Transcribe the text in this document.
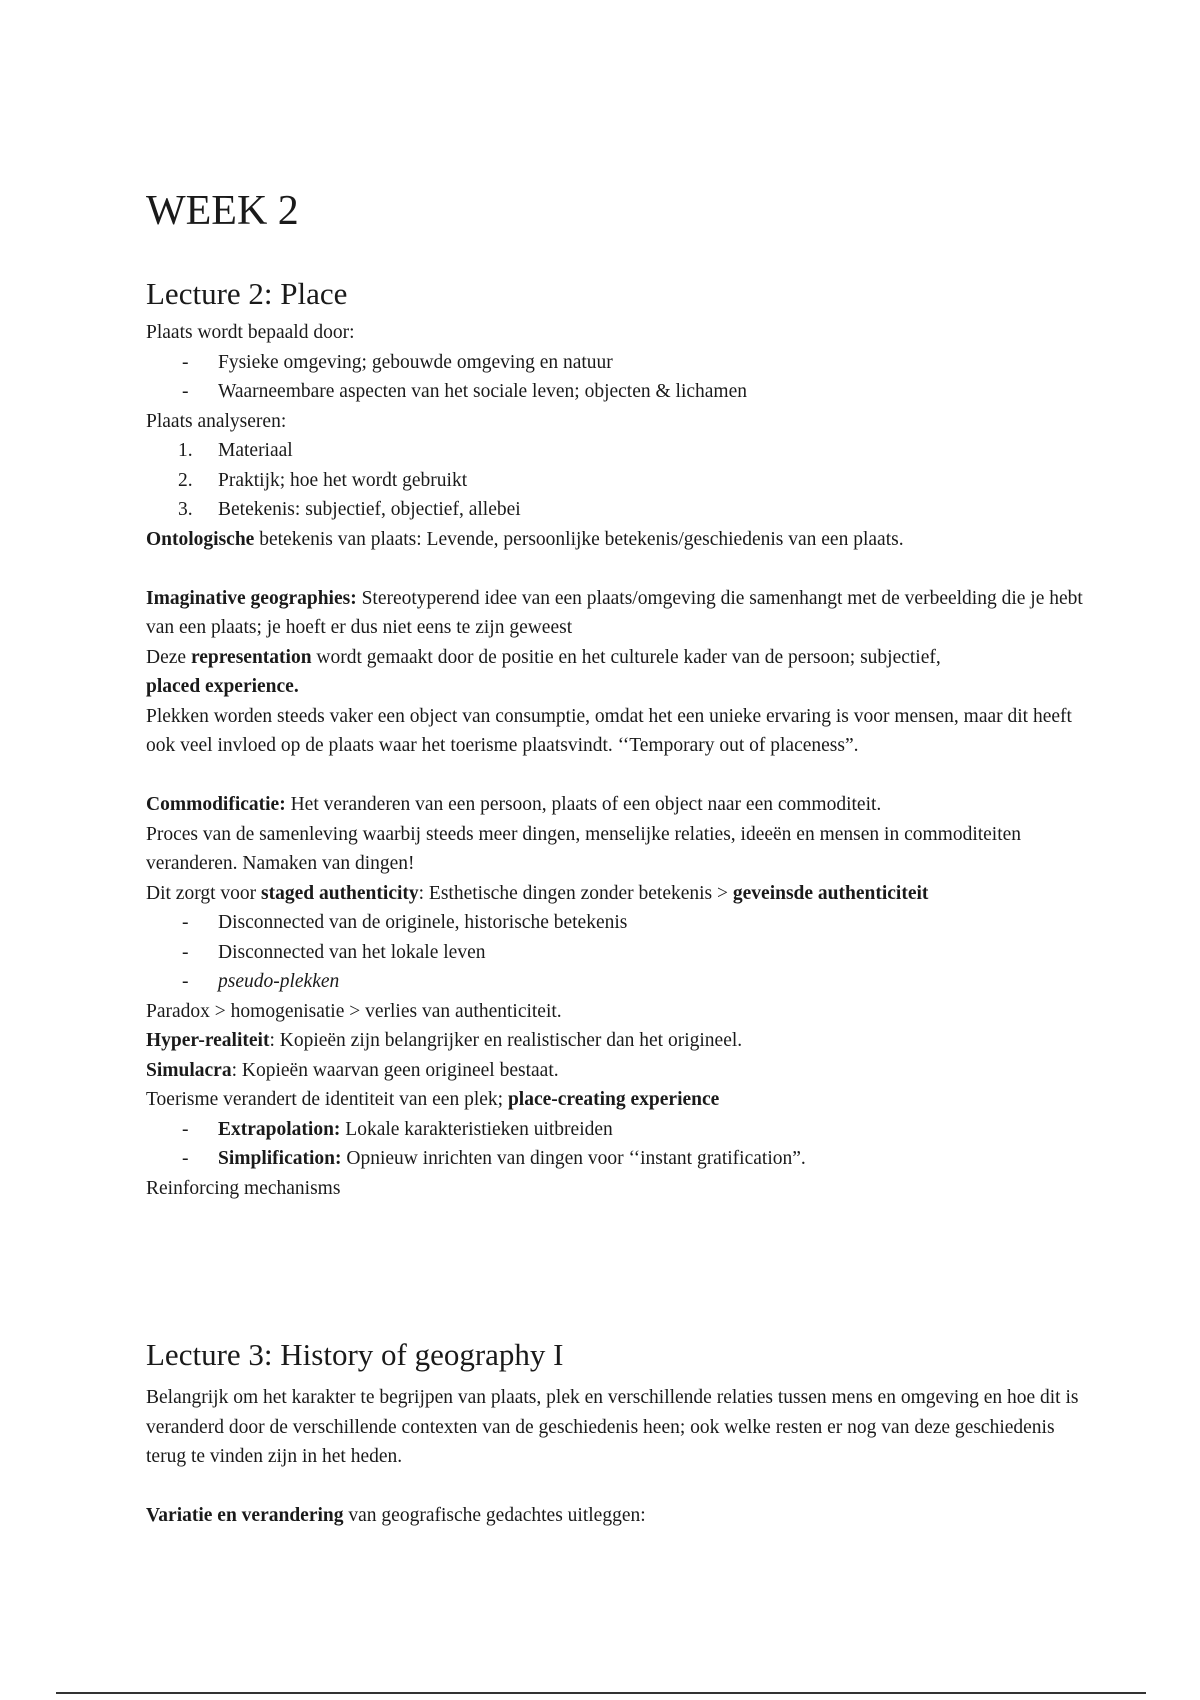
WEEK 2
Lecture 2: Place

Plaats wordt bepaald door:

- Fysieke omgeving; gebouwde omgeving en natuur
- Waarneembare aspecten van het sociale leven; objecten & lichamen

Plaats analyseren:

1. Materiaal
2. Praktijk; hoe het wordt gebruikt
3. Betekenis: subjectief, objectief, allebei

Ontologische betekenis van plaats: Levende, persoonlijke betekenis/geschiedenis van een plaats.

Imaginative geographies: Stereotyperend idee van een plaats/omgeving die samenhangt met de verbeelding die je hebt van een plaats; je hoeft er dus niet eens te zijn geweest

Deze representation wordt gemaakt door de positie en het culturele kader van de persoon; subjectief,
placed experience.

Plekken worden steeds vaker een object van consumptie, omdat het een unieke ervaring is voor mensen, maar dit heeft ook veel invloed op de plaats waar het toerisme plaatsvindt. ‘‘Temporary out of placeness”.

Commodificatie: Het veranderen van een persoon, plaats of een object naar een commoditeit.

Proces van de samenleving waarbij steeds meer dingen, menselijke relaties, ideeën en mensen in commoditeiten veranderen. Namaken van dingen!

Dit zorgt voor staged authenticity: Esthetische dingen zonder betekenis > geveinsde authenticiteit

- Disconnected van de originele, historische betekenis
- Disconnected van het lokale leven
- pseudo-plekken

Paradox > homogenisatie > verlies van authenticiteit.

Hyper-realiteit: Kopieën zijn belangrijker en realistischer dan het origineel.

Simulacra: Kopieën waarvan geen origineel bestaat.

Toerisme verandert de identiteit van een plek; place-creating experience

- Extrapolation: Lokale karakteristieken uitbreiden
- Simplification: Opnieuw inrichten van dingen voor ‘‘instant gratification”.

Reinforcing mechanisms

Lecture 3: History of geography I

Belangrijk om het karakter te begrijpen van plaats, plek en verschillende relaties tussen mens en omgeving en hoe dit is veranderd door de verschillende contexten van de geschiedenis heen; ook welke resten er nog van deze geschiedenis terug te vinden zijn in het heden.

Variatie en verandering van geografische gedachtes uitleggen:
